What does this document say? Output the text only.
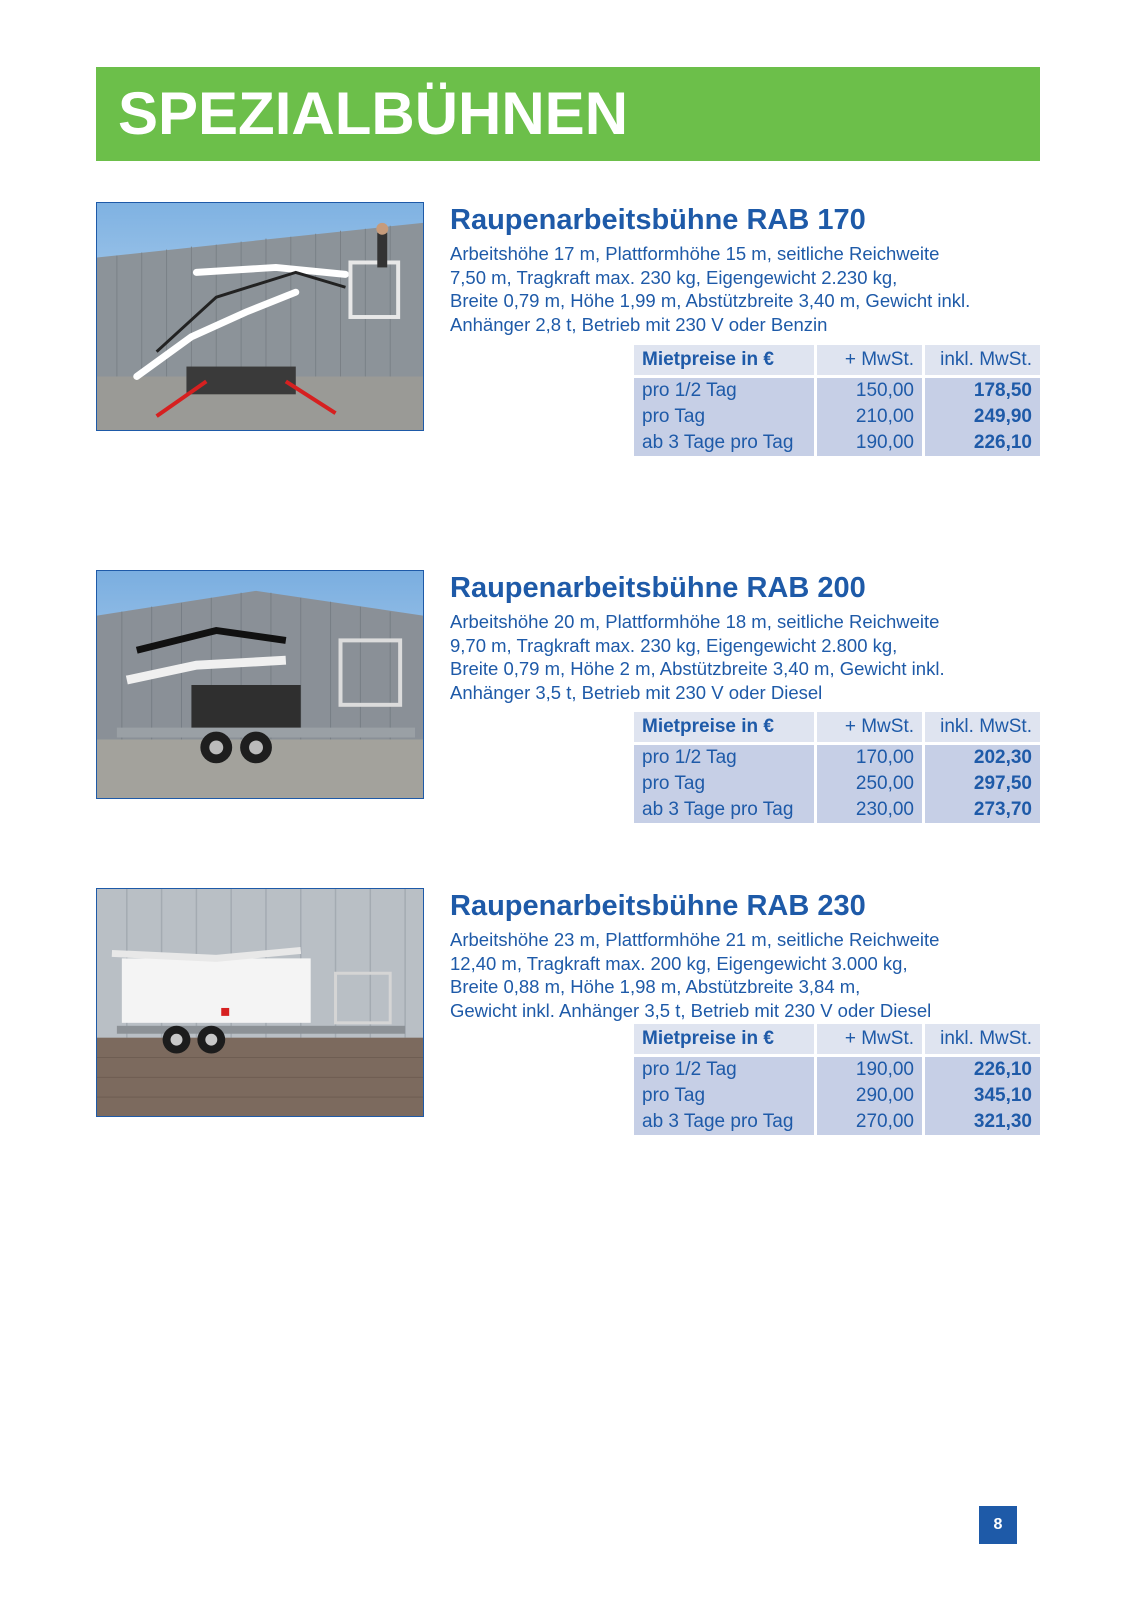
SPEZIALBÜHNEN
Raupenarbeitsbühne RAB 170
Arbeitshöhe 17 m, Plattformhöhe 15 m, seitliche Reichweite
7,50 m, Tragkraft max. 230 kg, Eigengewicht 2.230 kg,
Breite 0,79 m, Höhe 1,99 m, Abstützbreite 3,40 m, Gewicht inkl.
Anhänger 2,8 t, Betrieb mit 230 V oder Benzin
Mietpreise in €	+ MwSt.	inkl. MwSt.
pro 1/2 Tag	150,00	178,50
pro Tag	210,00	249,90
ab 3 Tage pro Tag	190,00	226,10
Raupenarbeitsbühne RAB 200
Arbeitshöhe 20 m, Plattformhöhe 18 m, seitliche Reichweite
9,70 m, Tragkraft max. 230 kg, Eigengewicht 2.800 kg,
Breite 0,79 m, Höhe 2 m, Abstützbreite 3,40 m, Gewicht inkl.
Anhänger 3,5 t, Betrieb mit 230 V oder Diesel
Mietpreise in €	+ MwSt.	inkl. MwSt.
pro 1/2 Tag	170,00	202,30
pro Tag	250,00	297,50
ab 3 Tage pro Tag	230,00	273,70
Raupenarbeitsbühne RAB 230
Arbeitshöhe 23 m, Plattformhöhe 21 m, seitliche Reichweite
12,40 m, Tragkraft max. 200 kg, Eigengewicht 3.000 kg,
Breite 0,88 m, Höhe 1,98 m, Abstützbreite 3,84 m,
Gewicht inkl. Anhänger 3,5 t, Betrieb mit 230 V oder Diesel
Mietpreise in €	+ MwSt.	inkl. MwSt.
pro 1/2 Tag	190,00	226,10
pro Tag	290,00	345,10
ab 3 Tage pro Tag	270,00	321,30
8
